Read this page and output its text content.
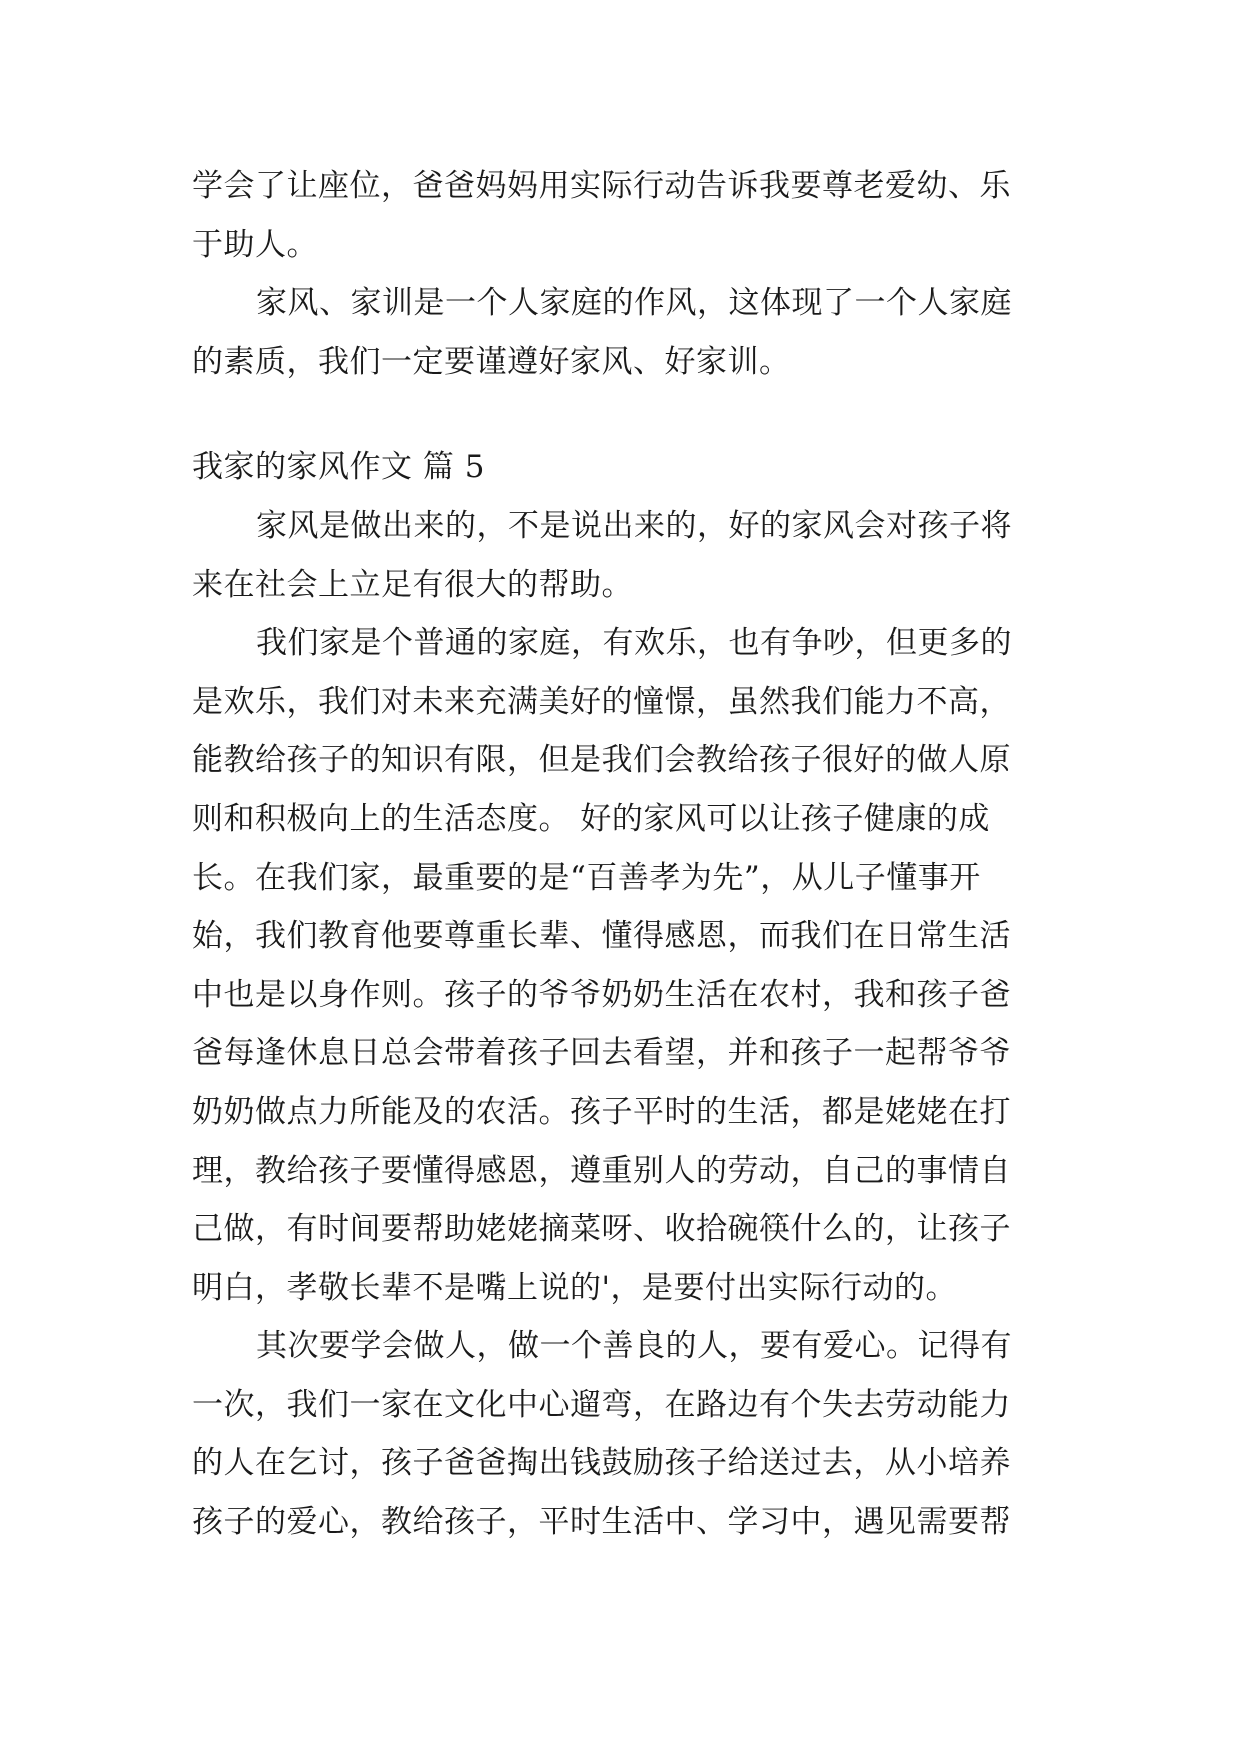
学会了让座位，爸爸妈妈用实际行动告诉我要尊老爱幼、乐
于助人。
家风、家训是一个人家庭的作风，这体现了一个人家庭
的素质，我们一定要谨遵好家风、好家训。
我家的家风作文 篇 5
家风是做出来的，不是说出来的，好的家风会对孩子将
来在社会上立足有很大的帮助。
我们家是个普通的家庭，有欢乐，也有争吵，但更多的
是欢乐，我们对未来充满美好的憧憬，虽然我们能力不高，
能教给孩子的知识有限，但是我们会教给孩子很好的做人原
则和积极向上的生活态度。 好的家风可以让孩子健康的成
长。在我们家，最重要的是“百善孝为先”，从儿子懂事开
始，我们教育他要尊重长辈、懂得感恩，而我们在日常生活
中也是以身作则。孩子的爷爷奶奶生活在农村，我和孩子爸
爸每逢休息日总会带着孩子回去看望，并和孩子一起帮爷爷
奶奶做点力所能及的农活。孩子平时的生活，都是姥姥在打
理，教给孩子要懂得感恩，遵重别人的劳动，自己的事情自
己做，有时间要帮助姥姥摘菜呀、收拾碗筷什么的，让孩子
明白，孝敬长辈不是嘴上说的'，是要付出实际行动的。
其次要学会做人，做一个善良的人，要有爱心。记得有
一次，我们一家在文化中心遛弯，在路边有个失去劳动能力
的人在乞讨，孩子爸爸掏出钱鼓励孩子给送过去，从小培养
孩子的爱心，教给孩子，平时生活中、学习中，遇见需要帮
